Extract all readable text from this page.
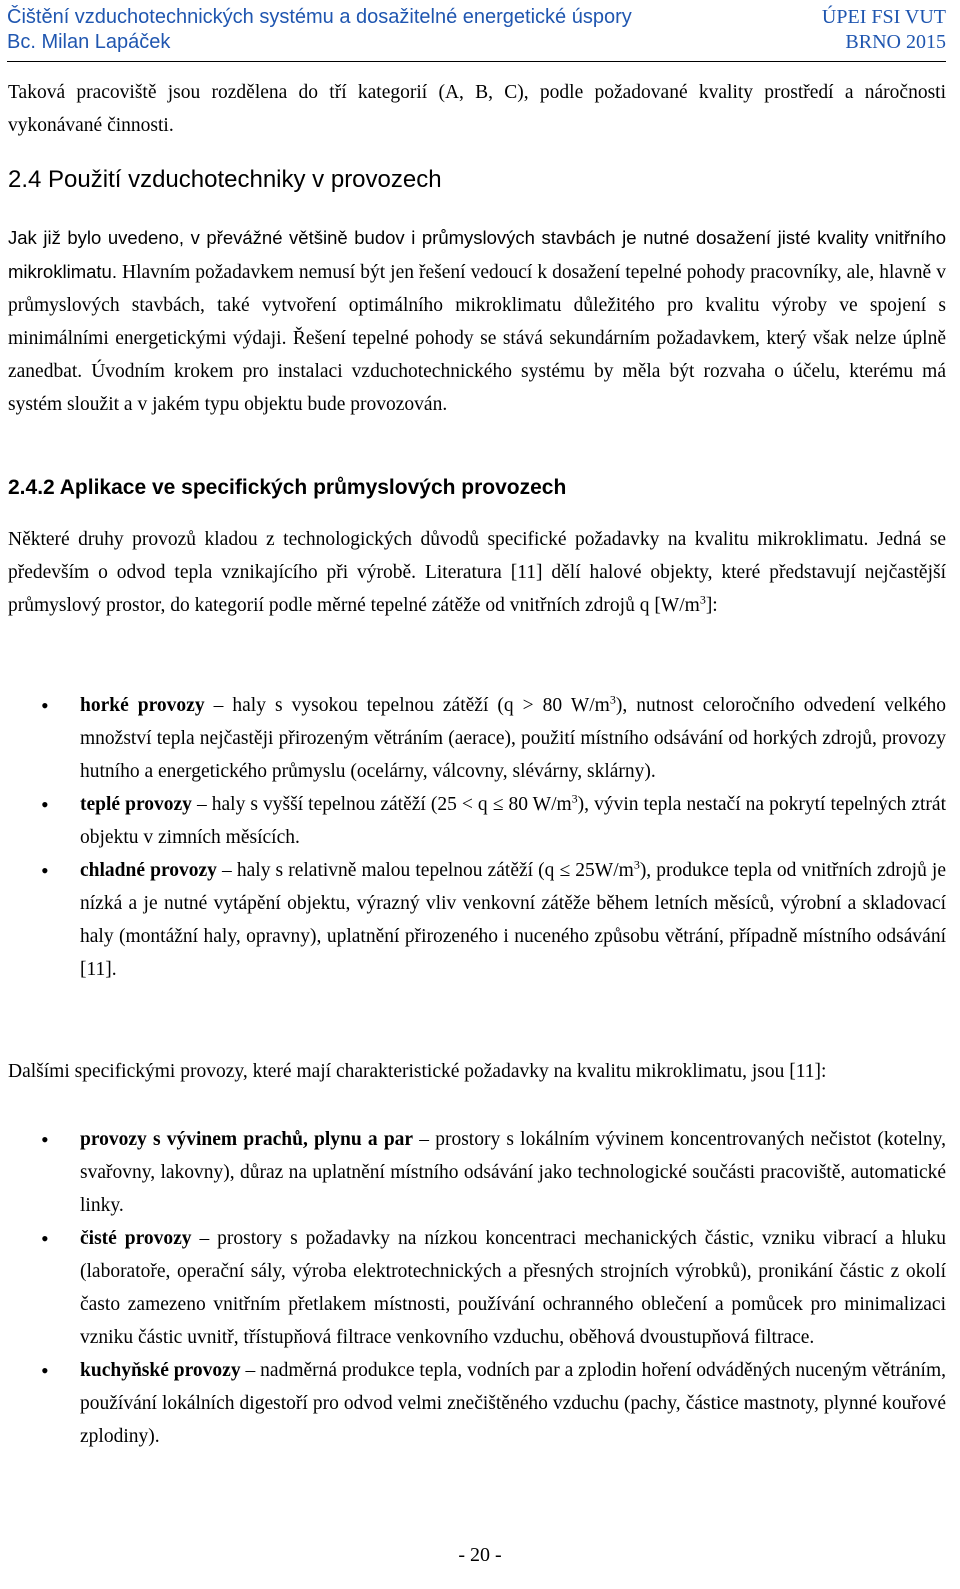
Čištění vzduchotechnických systému a dosažitelné energetické úspory	ÚPEI FSI VUT
Bc. Milan Lapáček	BRNO 2015

Taková pracoviště jsou rozdělena do tří kategorií (A, B, C), podle požadované kvality prostředí a náročnosti vykonávané činnosti.

2.4 Použití vzduchotechniky v provozech

Jak již bylo uvedeno, v převážné většině budov i průmyslových stavbách je nutné dosažení jisté kvality vnitřního mikroklimatu. Hlavním požadavkem nemusí být jen řešení vedoucí k dosažení tepelné pohody pracovníky, ale, hlavně v průmyslových stavbách, také vytvoření optimálního mikroklimatu důležitého pro kvalitu výroby ve spojení s minimálními energetickými výdaji. Řešení tepelné pohody se stává sekundárním požadavkem, který však nelze úplně zanedbat. Úvodním krokem pro instalaci vzduchotechnického systému by měla být rozvaha o účelu, kterému má systém sloužit a v jakém typu objektu bude provozován.

2.4.2 Aplikace ve specifických průmyslových provozech

Některé druhy provozů kladou z technologických důvodů specifické požadavky na kvalitu mikroklimatu. Jedná se především o odvod tepla vznikajícího při výrobě. Literatura [11] dělí halové objekty, které představují nejčastější průmyslový prostor, do kategorií podle měrné tepelné zátěže od vnitřních zdrojů q $[W/m^3]$:

• horké provozy – haly s vysokou tepelnou zátěží (q > 80 $W/m^3$), nutnost celoročního odvedení velkého množství tepla nejčastěji přirozeným větráním (aerace), použití místního odsávání od horkých zdrojů, provozy hutního a energetického průmyslu (ocelárny, válcovny, slévárny, sklárny).
• teplé provozy – haly s vyšší tepelnou zátěží (25 < q ≤ 80 $W/m^3$), vývin tepla nestačí na pokrytí tepelných ztrát objektu v zimních měsících.
• chladné provozy – haly s relativně malou tepelnou zátěží $(q \le 25W/m^3)$, produkce tepla od vnitřních zdrojů je nízká a je nutné vytápění objektu, výrazný vliv venkovní zátěže během letních měsíců, výrobní a skladovací haly (montážní haly, opravny), uplatnění přirozeného i nuceného způsobu větrání, případně místního odsávání [11].

Dalšími specifickými provozy, které mají charakteristické požadavky na kvalitu mikroklimatu, jsou [11]:

• provozy s vývinem prachů, plynu a par – prostory s lokálním vývinem koncentrovaných nečistot (kotelny, svařovny, lakovny), důraz na uplatnění místního odsávání jako technologické součásti pracoviště, automatické linky.
• čisté provozy – prostory s požadavky na nízkou koncentraci mechanických částic, vzniku vibrací a hluku (laboratoře, operační sály, výroba elektrotechnických a přesných strojních výrobků), pronikání částic z okolí často zamezeno vnitřním přetlakem místnosti, používání ochranného oblečení a pomůcek pro minimalizaci vzniku částic uvnitř, třístupňová filtrace venkovního vzduchu, oběhová dvoustupňová filtrace.
• kuchyňské provozy – nadměrná produkce tepla, vodních par a zplodin hoření odváděných nuceným větráním, používání lokálních digestoří pro odvod velmi znečištěného vzduchu (pachy, částice mastnoty, plynné kouřové zplodiny).
- 20 -
